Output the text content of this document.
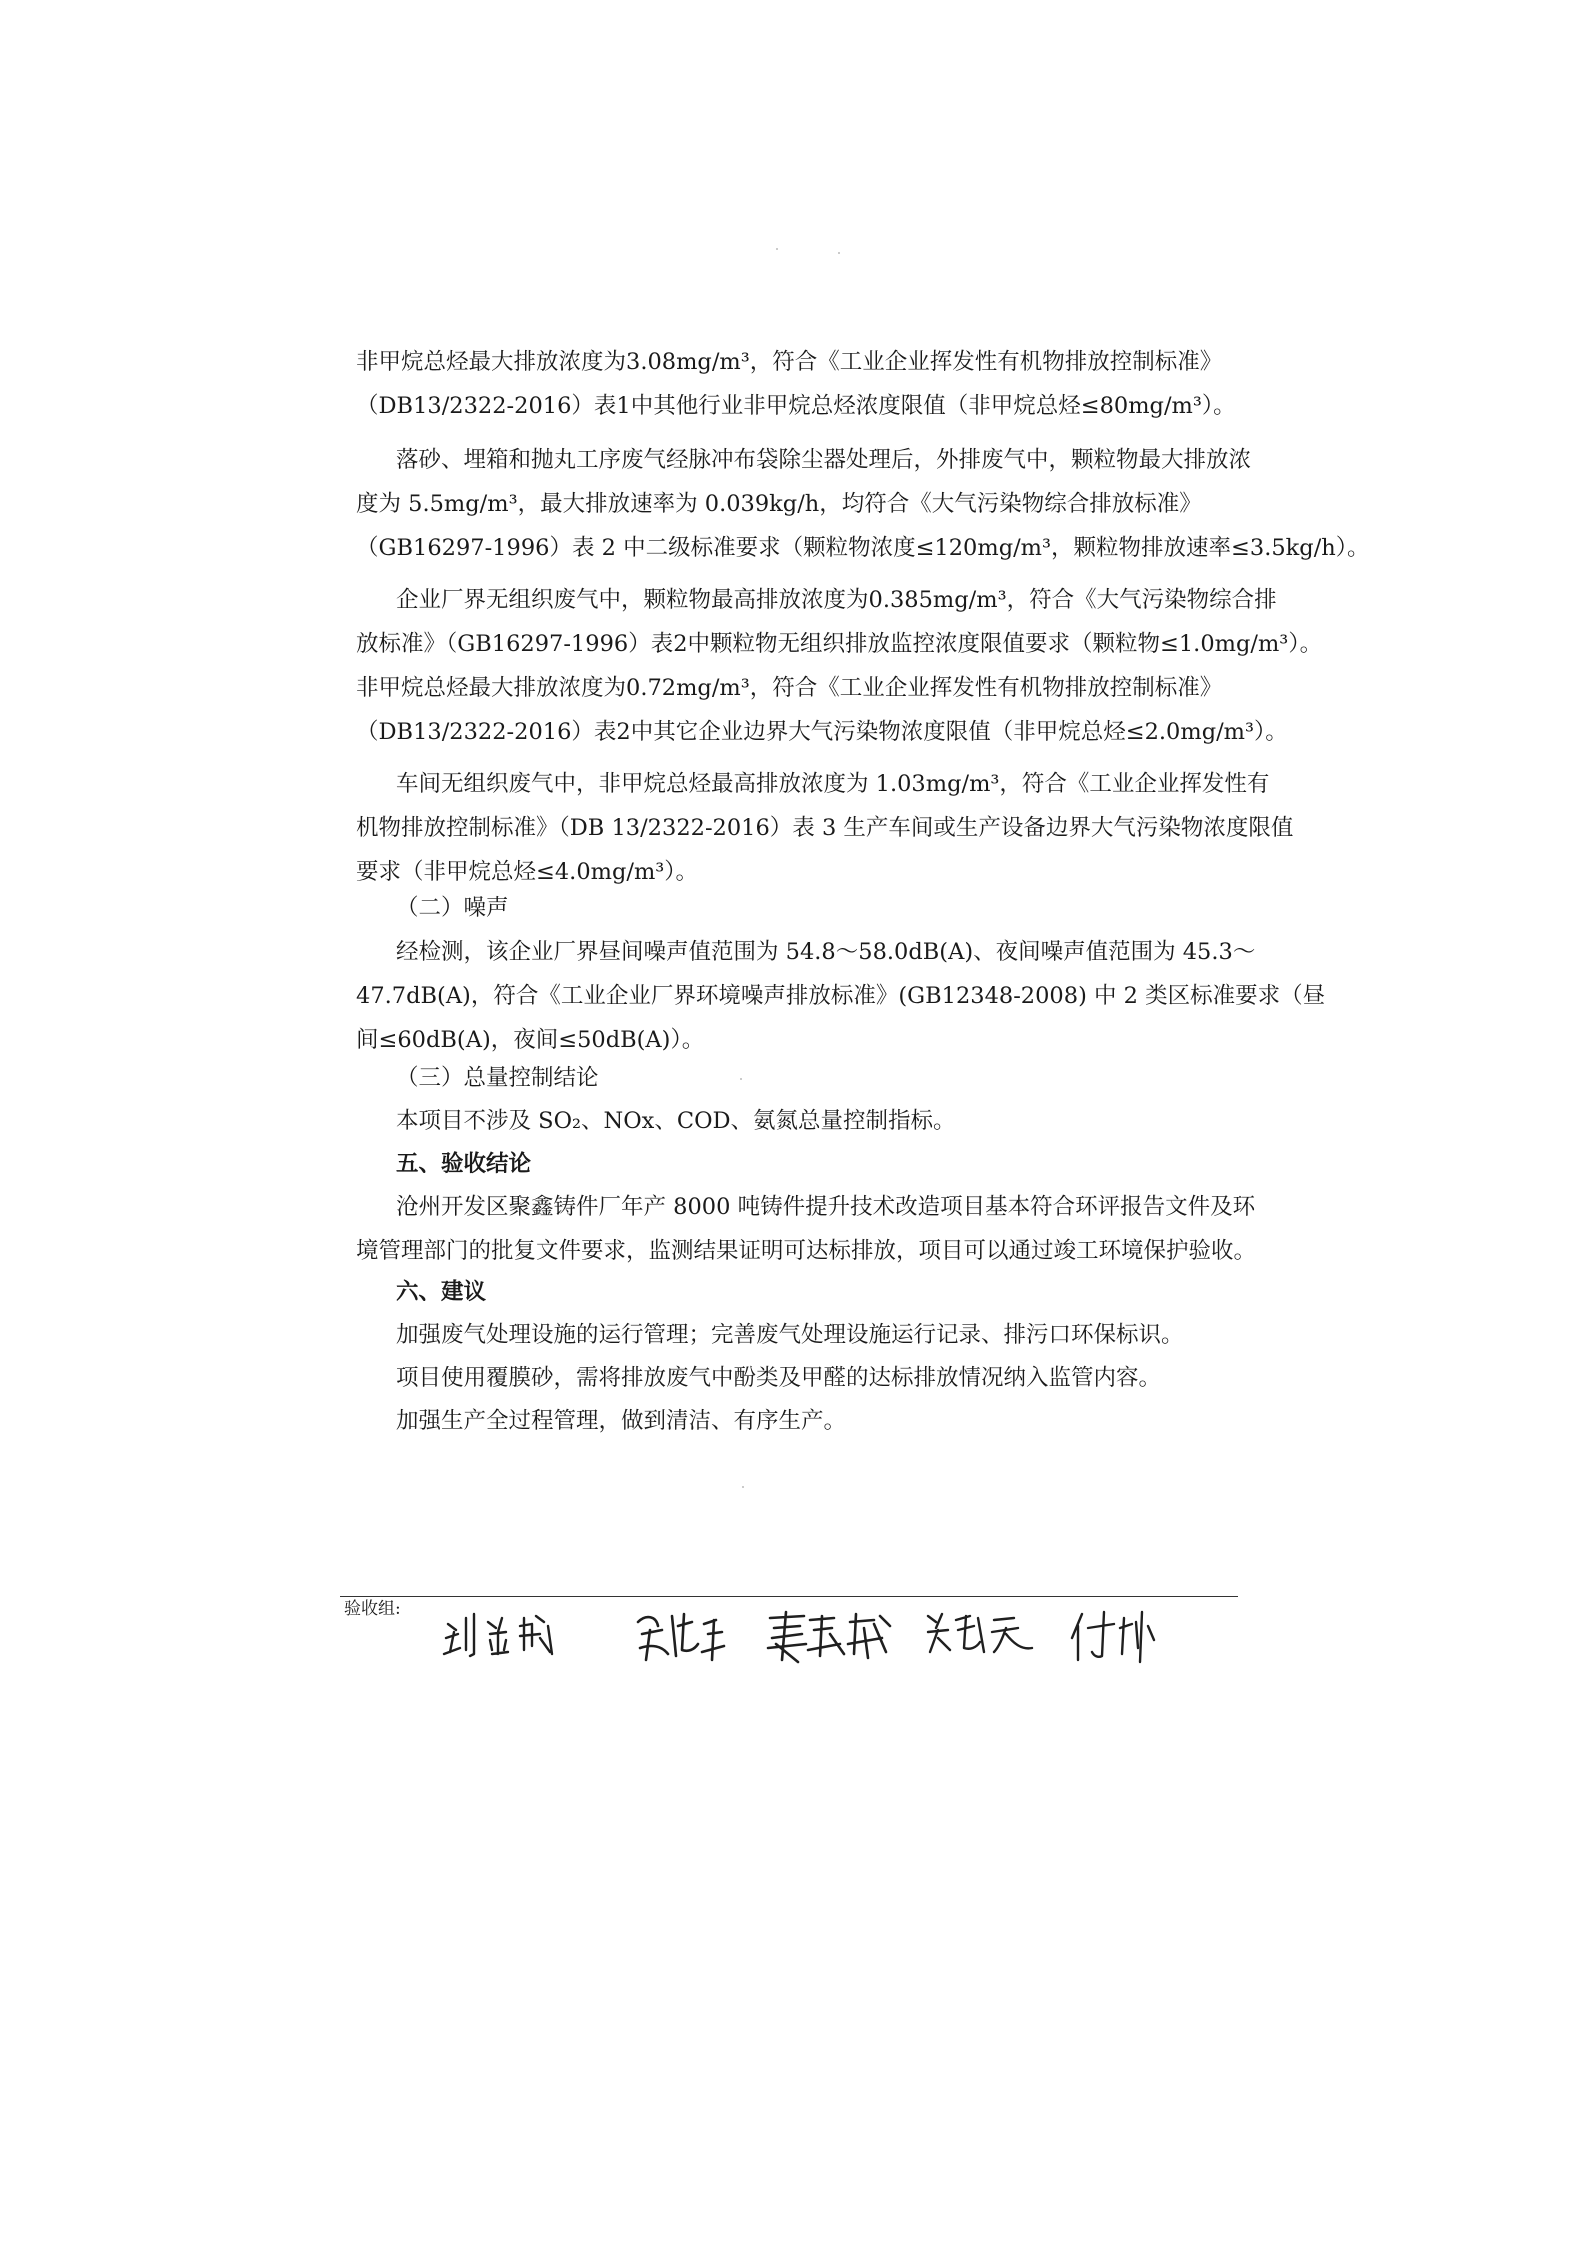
非甲烷总烃最大排放浓度为3.08mg/m³，符合《工业企业挥发性有机物排放控制标准》
（DB13/2322-2016）表1中其他行业非甲烷总烃浓度限值（非甲烷总烃≤80mg/m³）。

落砂、埋箱和抛丸工序废气经脉冲布袋除尘器处理后，外排废气中，颗粒物最大排放浓
度为 5.5mg/m³，最大排放速率为 0.039kg/h，均符合《大气污染物综合排放标准》
（GB16297-1996）表 2 中二级标准要求（颗粒物浓度≤120mg/m³，颗粒物排放速率≤3.5kg/h）。

企业厂界无组织废气中，颗粒物最高排放浓度为0.385mg/m³，符合《大气污染物综合排
放标准》（GB16297-1996）表2中颗粒物无组织排放监控浓度限值要求（颗粒物≤1.0mg/m³）。
非甲烷总烃最大排放浓度为0.72mg/m³，符合《工业企业挥发性有机物排放控制标准》
（DB13/2322-2016）表2中其它企业边界大气污染物浓度限值（非甲烷总烃≤2.0mg/m³）。

车间无组织废气中，非甲烷总烃最高排放浓度为 1.03mg/m³，符合《工业企业挥发性有
机物排放控制标准》（DB 13/2322-2016）表 3 生产车间或生产设备边界大气污染物浓度限值
要求（非甲烷总烃≤4.0mg/m³）。

（二）噪声

经检测，该企业厂界昼间噪声值范围为 54.8～58.0dB(A)、夜间噪声值范围为 45.3～
47.7dB(A)，符合《工业企业厂界环境噪声排放标准》(GB12348-2008) 中 2 类区标准要求（昼
间≤60dB(A)，夜间≤50dB(A)）。

（三）总量控制结论

本项目不涉及 SO₂、NOx、COD、氨氮总量控制指标。

五、验收结论

沧州开发区聚鑫铸件厂年产 8000 吨铸件提升技术改造项目基本符合环评报告文件及环
境管理部门的批复文件要求，监测结果证明可达标排放，项目可以通过竣工环境保护验收。

六、建议

加强废气处理设施的运行管理；完善废气处理设施运行记录、排污口环保标识。

项目使用覆膜砂，需将排放废气中酚类及甲醛的达标排放情况纳入监管内容。

加强生产全过程管理，做到清洁、有序生产。

验收组:
